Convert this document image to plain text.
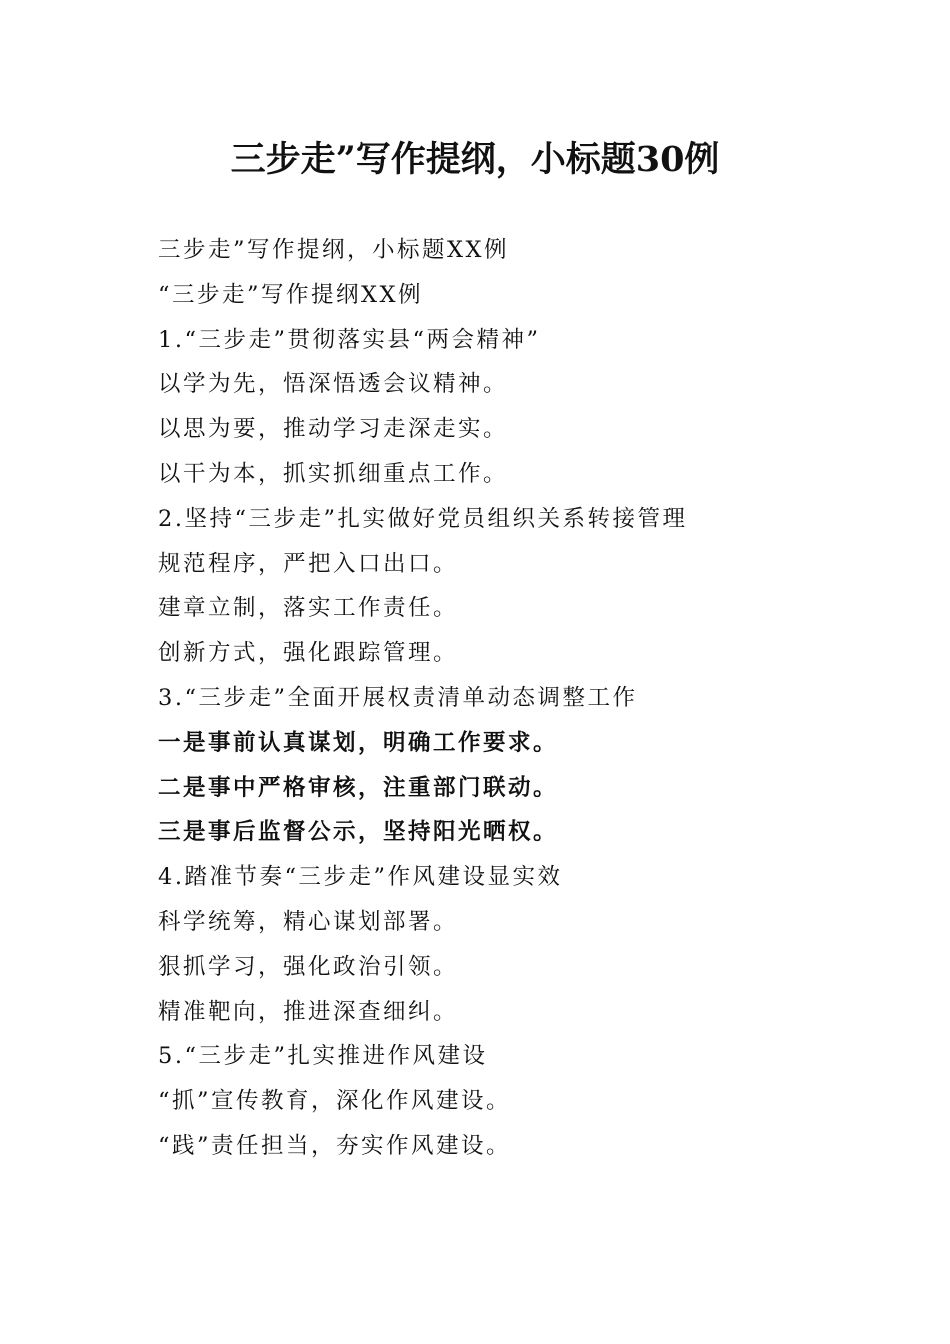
三步走”写作提纲，小标题30例
三步走”写作提纲，小标题XX例
“三步走”写作提纲XX例
1.“三步走”贯彻落实县“两会精神”
以学为先，悟深悟透会议精神。
以思为要，推动学习走深走实。
以干为本，抓实抓细重点工作。
2.坚持“三步走”扎实做好党员组织关系转接管理
规范程序，严把入口出口。
建章立制，落实工作责任。
创新方式，强化跟踪管理。
3.“三步走”全面开展权责清单动态调整工作
一是事前认真谋划，明确工作要求。
二是事中严格审核，注重部门联动。
三是事后监督公示，坚持阳光晒权。
4.踏准节奏“三步走”作风建设显实效
科学统筹，精心谋划部署。
狠抓学习，强化政治引领。
精准靶向，推进深查细纠。
5.“三步走”扎实推进作风建设
“抓”宣传教育，深化作风建设。
“践”责任担当，夯实作风建设。
